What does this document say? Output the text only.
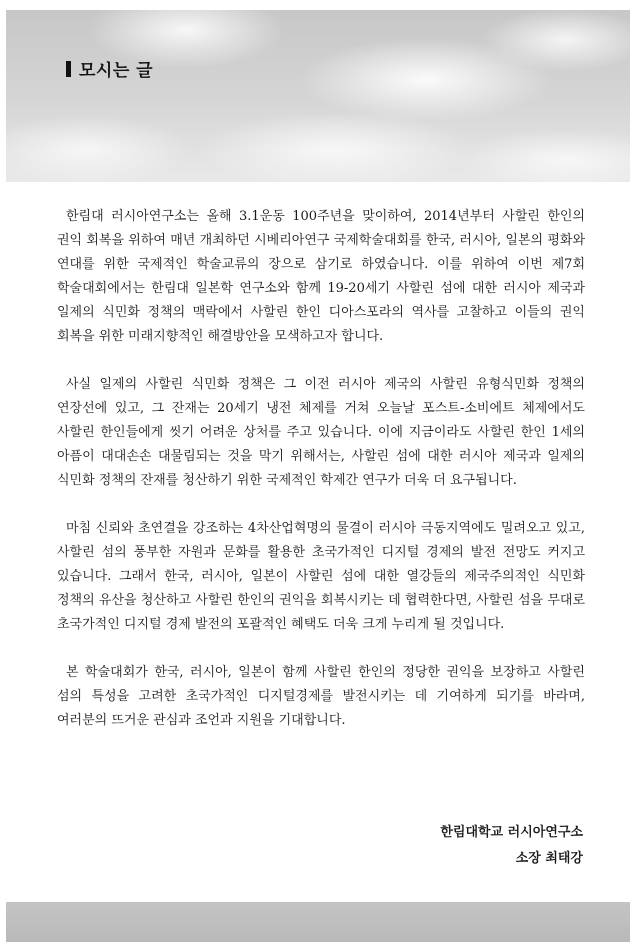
모시는 글

한림대 러시아연구소는 올해 3.1운동 100주년을 맞이하여, 2014년부터 사할린 한인의 권익 회복을 위하여 매년 개최하던 시베리아연구 국제학술대회를 한국, 러시아, 일본의 평화와 연대를 위한 국제적인 학술교류의 장으로 삼기로 하였습니다. 이를 위하여 이번 제7회 학술대회에서는 한림대 일본학 연구소와 함께 19-20세기 사할린 섬에 대한 러시아 제국과 일제의 식민화 정책의 맥락에서 사할린 한인 디아스포라의 역사를 고찰하고 이들의 권익 회복을 위한 미래지향적인 해결방안을 모색하고자 합니다.

사실 일제의 사할린 식민화 정책은 그 이전 러시아 제국의 사할린 유형식민화 정책의 연장선에 있고, 그 잔재는 20세기 냉전 체제를 거쳐 오늘날 포스트-소비에트 체제에서도 사할린 한인들에게 씻기 어려운 상처를 주고 있습니다. 이에 지금이라도 사할린 한인 1세의 아픔이 대대손손 대물림되는 것을 막기 위해서는, 사할린 섬에 대한 러시아 제국과 일제의 식민화 정책의 잔재를 청산하기 위한 국제적인 학제간 연구가 더욱 더 요구됩니다.

마침 신뢰와 초연결을 강조하는 4차산업혁명의 물결이 러시아 극동지역에도 밀려오고 있고, 사할린 섬의 풍부한 자원과 문화를 활용한 초국가적인 디지털 경제의 발전 전망도 커지고 있습니다. 그래서 한국, 러시아, 일본이 사할린 섬에 대한 열강들의 제국주의적인 식민화 정책의 유산을 청산하고 사할린 한인의 권익을 회복시키는 데 협력한다면, 사할린 섬을 무대로 초국가적인 디지털 경제 발전의 포괄적인 혜택도 더욱 크게 누리게 될 것입니다.

본 학술대회가 한국, 러시아, 일본이 함께 사할린 한인의 정당한 권익을 보장하고 사할린 섬의 특성을 고려한 초국가적인 디지털경제를 발전시키는 데 기여하게 되기를 바라며, 여러분의 뜨거운 관심과 조언과 지원을 기대합니다.

한림대학교 러시아연구소
소장 최태강
